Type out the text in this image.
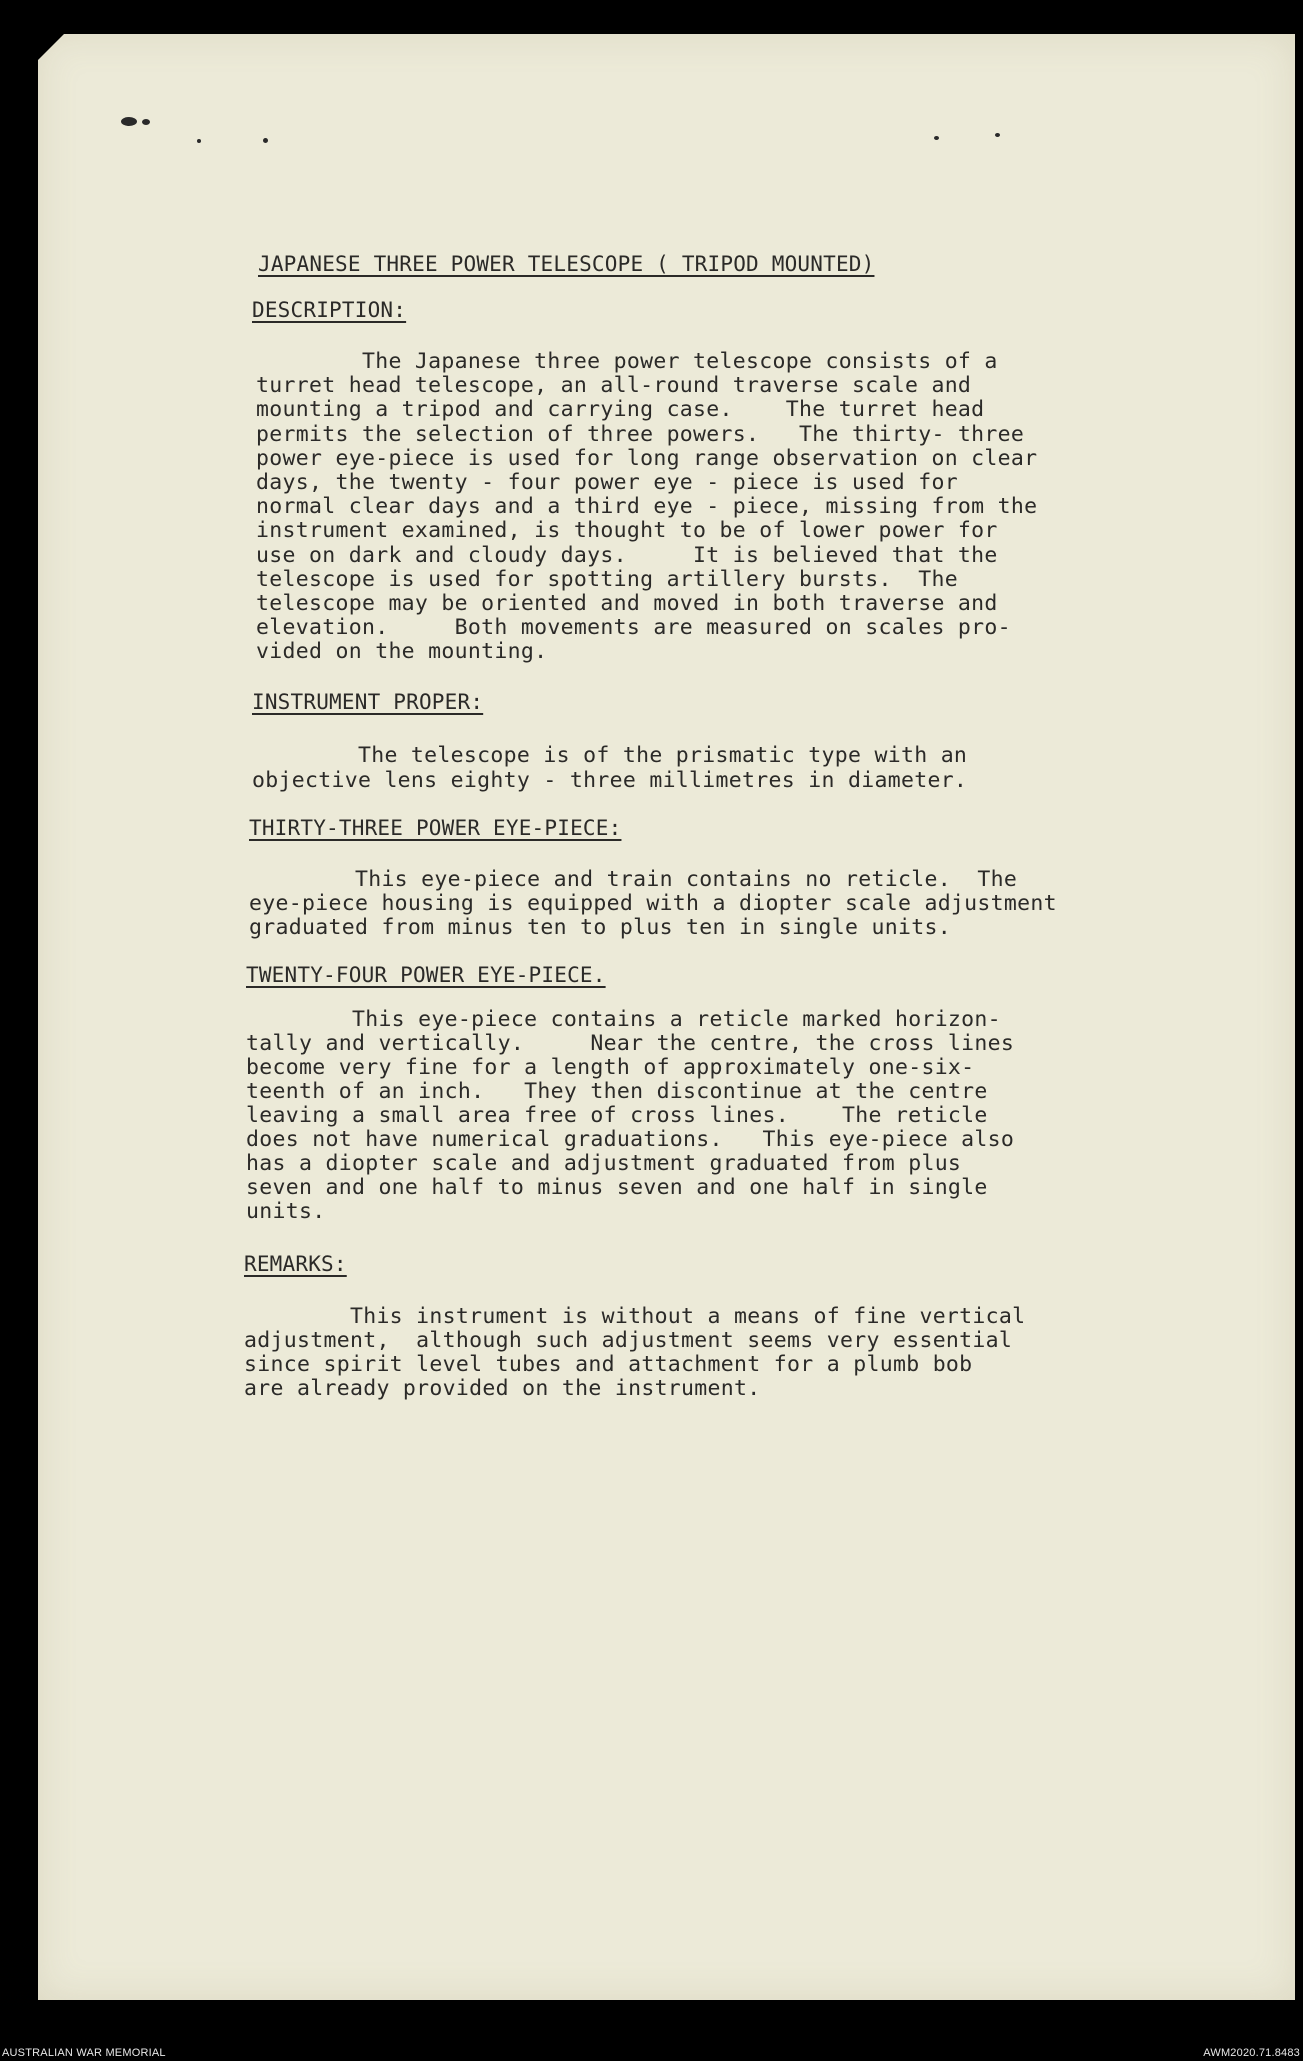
JAPANESE THREE POWER TELESCOPE ( TRIPOD MOUNTED)
DESCRIPTION:
The Japanese three power telescope consists of a
turret head telescope, an all-round traverse scale and
mounting a tripod and carrying case.    The turret head
permits the selection of three powers.   The thirty- three
power eye-piece is used for long range observation on clear
days, the twenty - four power eye - piece is used for
normal clear days and a third eye - piece, missing from the
instrument examined, is thought to be of lower power for
use on dark and cloudy days.     It is believed that the
telescope is used for spotting artillery bursts.  The
telescope may be oriented and moved in both traverse and
elevation.     Both movements are measured on scales pro-
vided on the mounting.
INSTRUMENT PROPER:
The telescope is of the prismatic type with an
objective lens eighty - three millimetres in diameter.
THIRTY-THREE POWER EYE-PIECE:
This eye-piece and train contains no reticle.  The
eye-piece housing is equipped with a diopter scale adjustment
graduated from minus ten to plus ten in single units.
TWENTY-FOUR POWER EYE-PIECE.
This eye-piece contains a reticle marked horizon-
tally and vertically.     Near the centre, the cross lines
become very fine for a length of approximately one-six-
teenth of an inch.   They then discontinue at the centre
leaving a small area free of cross lines.    The reticle
does not have numerical graduations.   This eye-piece also
has a diopter scale and adjustment graduated from plus
seven and one half to minus seven and one half in single
units.
REMARKS:
This instrument is without a means of fine vertical
adjustment,  although such adjustment seems very essential
since spirit level tubes and attachment for a plumb bob
are already provided on the instrument.
AUSTRALIAN WAR MEMORIAL	AWM2020.71.8483
